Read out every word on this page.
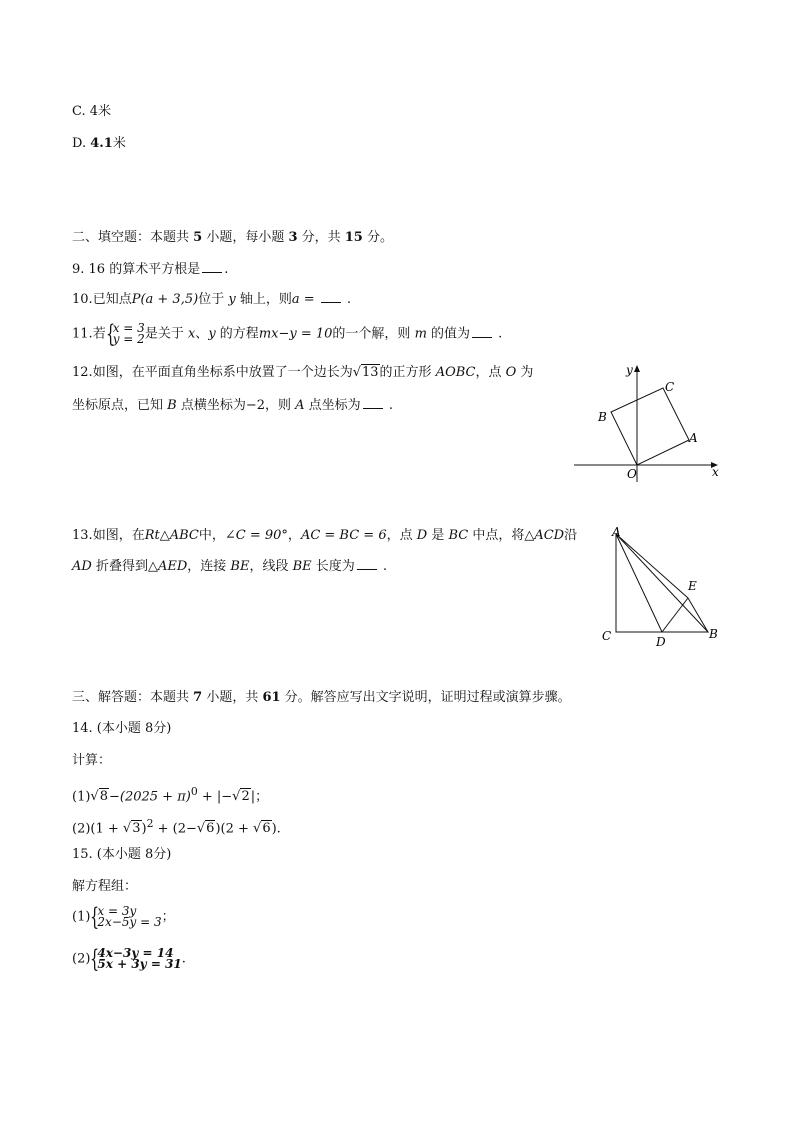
C. 4米
D. 4.1米
二、填空题：本题共 5 小题，每小题 3 分，共 15 分。
9. 16 的算术平方根是 .
10.已知点P(a + 3,5)位于 y 轴上，则a =  .
11.若 {
x = 3
y = 2是关于 x、y 的方程mx−y = 10的一个解，则 m 的值为 .
12.如图，在平面直角坐标系中放置了一个边长为√13的正方形 AOBC，点 O 为
坐标原点，已知 B 点横坐标为−2，则 A 点坐标为 .
y
C
B
A
O	x
13.如图，在Rt△ABC中，∠C = 90°，AC = BC = 6，点 D 是 BC 中点，将△ACD沿
AD 折叠得到△AED，连接 BE，线段 BE 长度为 .
A
E
C	D
B
三、解答题：本题共 7 小题，共 61 分。解答应写出文字说明，证明过程或演算步骤。
14. (本小题 8分)
计算：
$(1)√8-(2025 + \pi)^0 + |-√2|$；
$(2)(1 + √3)^2 + (2-√6)(2 + √6)$.
15. (本小题 8分)
解方程组：
(1) {
x = 3y
2x−5y = 3；
(2) {
4x−3y = 14
5x + 3y = 31.
